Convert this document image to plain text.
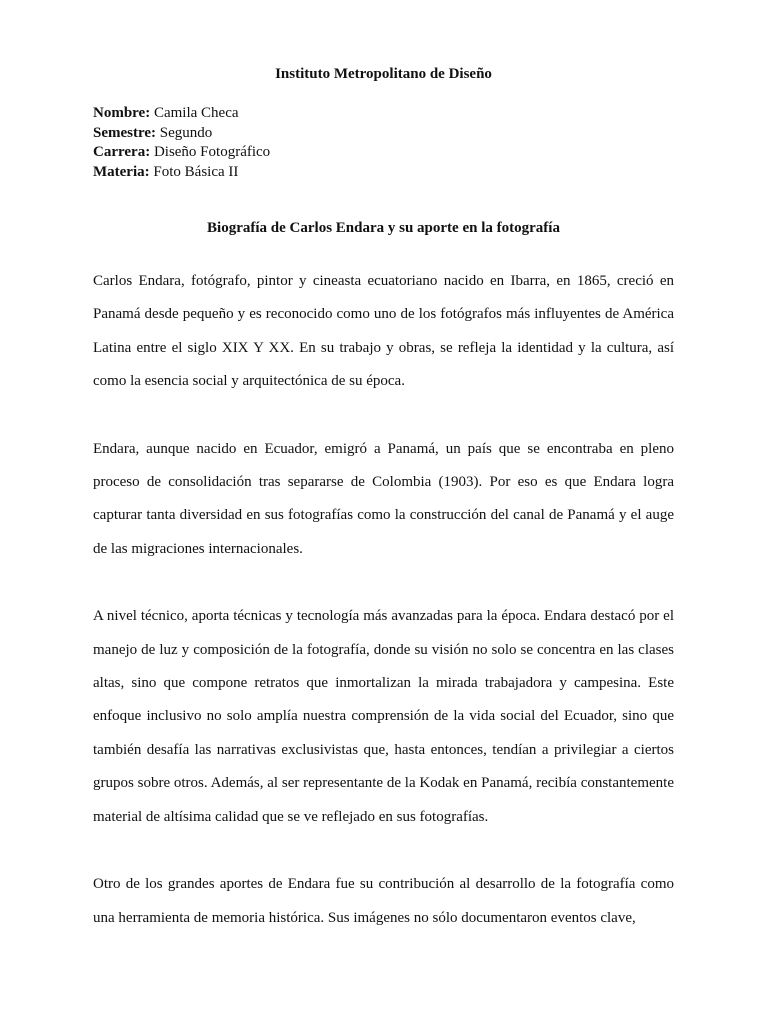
Instituto Metropolitano de Diseño
Nombre: Camila Checa
Semestre: Segundo
Carrera: Diseño Fotográfico
Materia: Foto Básica II
Biografía de Carlos Endara y su aporte en la fotografía

Carlos Endara, fotógrafo, pintor y cineasta ecuatoriano nacido en Ibarra, en 1865, creció en Panamá desde pequeño y es reconocido como uno de los fotógrafos más influyentes de América Latina entre el siglo XIX Y XX. En su trabajo y obras, se refleja la identidad y la cultura, así como la esencia social y arquitectónica de su época.

Endara, aunque nacido en Ecuador, emigró a Panamá, un país que se encontraba en pleno proceso de consolidación tras separarse de Colombia (1903). Por eso es que Endara logra capturar tanta diversidad en sus fotografías como la construcción del canal de Panamá y el auge de las migraciones internacionales.

A nivel técnico, aporta técnicas y tecnología más avanzadas para la época. Endara destacó por el manejo de luz y composición de la fotografía, donde su visión no solo se concentra en las clases altas, sino que compone retratos que inmortalizan la mirada trabajadora y campesina. Este enfoque inclusivo no solo amplía nuestra comprensión de la vida social del Ecuador, sino que también desafía las narrativas exclusivistas que, hasta entonces, tendían a privilegiar a ciertos grupos sobre otros. Además, al ser representante de la Kodak en Panamá, recibía constantemente material de altísima calidad que se ve reflejado en sus fotografías.

Otro de los grandes aportes de Endara fue su contribución al desarrollo de la fotografía como una herramienta de memoria histórica. Sus imágenes no sólo documentaron eventos clave,
